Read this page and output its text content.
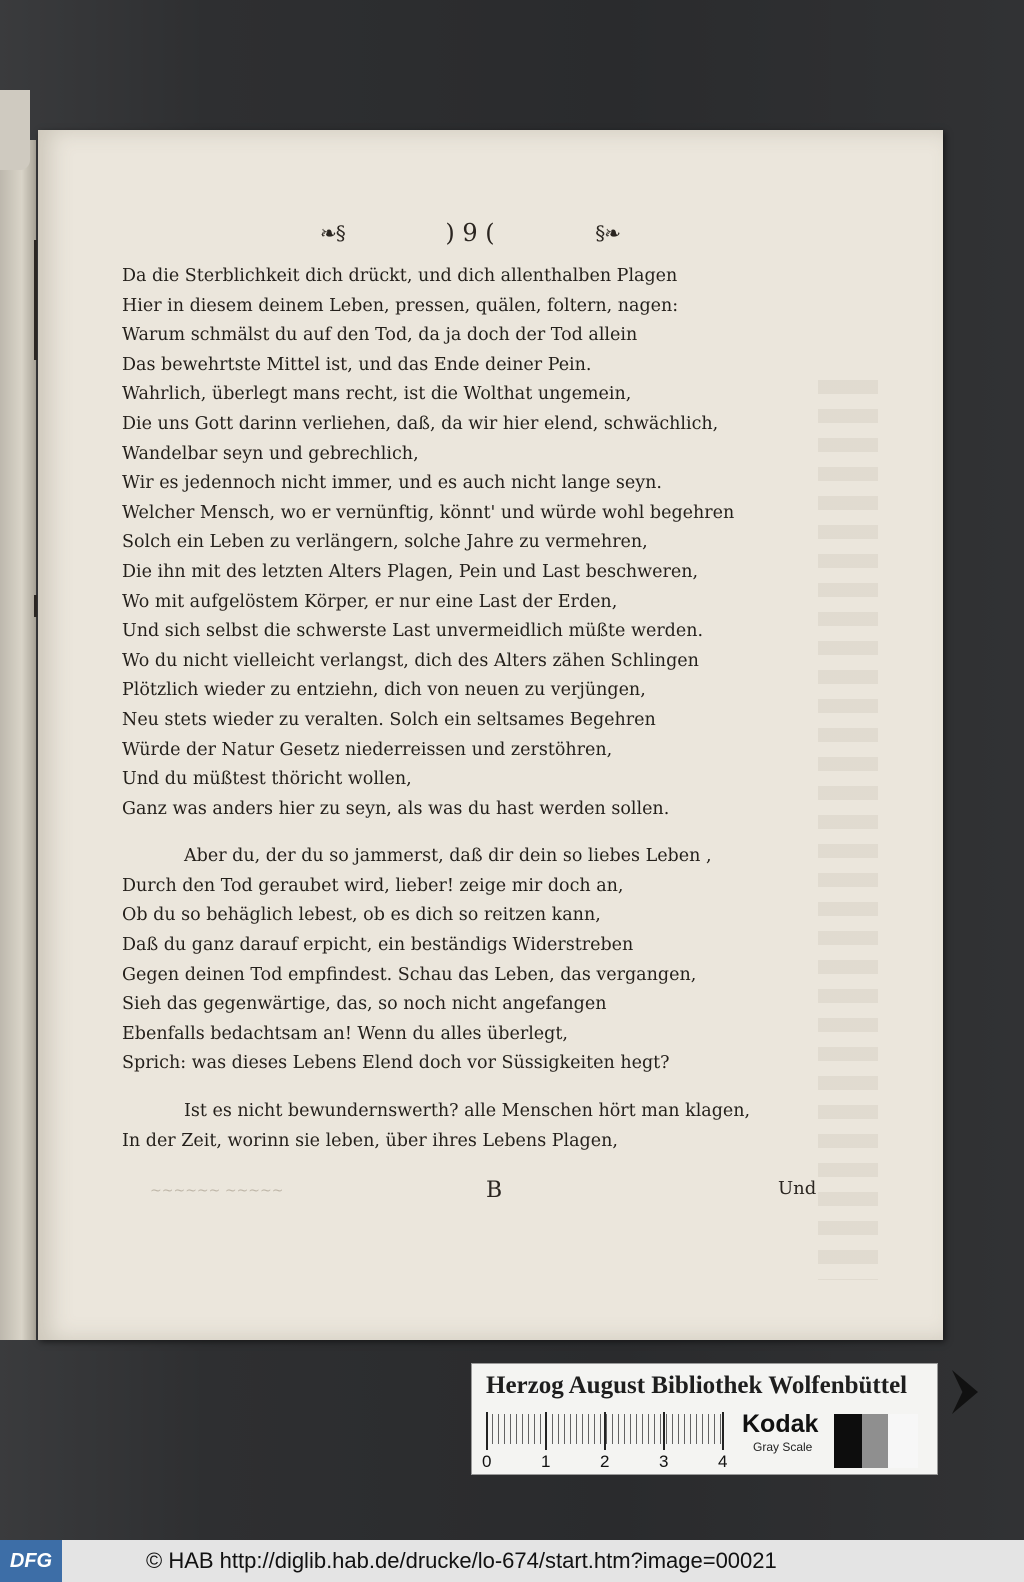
❧§	) 9 (	§❧
Da die Sterblichkeit dich drückt, und dich allenthalben Plagen
Hier in diesem deinem Leben, pressen, quälen, foltern, nagen:
Warum schmälst du auf den Tod, da ja doch der Tod allein
Das bewehrtste Mittel ist, und das Ende deiner Pein.
Wahrlich, überlegt mans recht, ist die Wolthat ungemein,
Die uns Gott darinn verliehen, daß, da wir hier elend, schwächlich,
Wandelbar seyn und gebrechlich,
Wir es jedennoch nicht immer, und es auch nicht lange seyn.
Welcher Mensch, wo er vernünftig, könnt' und würde wohl begehren
Solch ein Leben zu verlängern, solche Jahre zu vermehren,
Die ihn mit des letzten Alters Plagen, Pein und Last beschweren,
Wo mit aufgelöstem Körper, er nur eine Last der Erden,
Und sich selbst die schwerste Last unvermeidlich müßte werden.
Wo du nicht vielleicht verlangst, dich des Alters zähen Schlingen
Plötzlich wieder zu entziehn, dich von neuen zu verjüngen,
Neu stets wieder zu veralten. Solch ein seltsames Begehren
Würde der Natur Gesetz niederreissen und zerstöhren,
Und du müßtest thöricht wollen,
Ganz was anders hier zu seyn, als was du hast werden sollen.
Aber du, der du so jammerst, daß dir dein so liebes Leben ,
Durch den Tod geraubet wird, lieber! zeige mir doch an,
Ob du so behäglich lebest, ob es dich so reitzen kann,
Daß du ganz darauf erpicht, ein beständigs Widerstreben
Gegen deinen Tod empfindest. Schau das Leben, das vergangen,
Sieh das gegenwärtige, das, so noch nicht angefangen
Ebenfalls bedachtsam an! Wenn du alles überlegt,
Sprich: was dieses Lebens Elend doch vor Süssigkeiten hegt?
Ist es nicht bewundernswerth? alle Menschen hört man klagen,
In der Zeit, worinn sie leben, über ihres Lebens Plagen,
~~~~~~ ~~~~~	B	Und
Herzog August Bibliothek Wolfenbüttel
0	1	2	3	4
Kodak
Gray Scale
DFG	© HAB http://diglib.hab.de/drucke/lo-674/start.htm?image=00021
